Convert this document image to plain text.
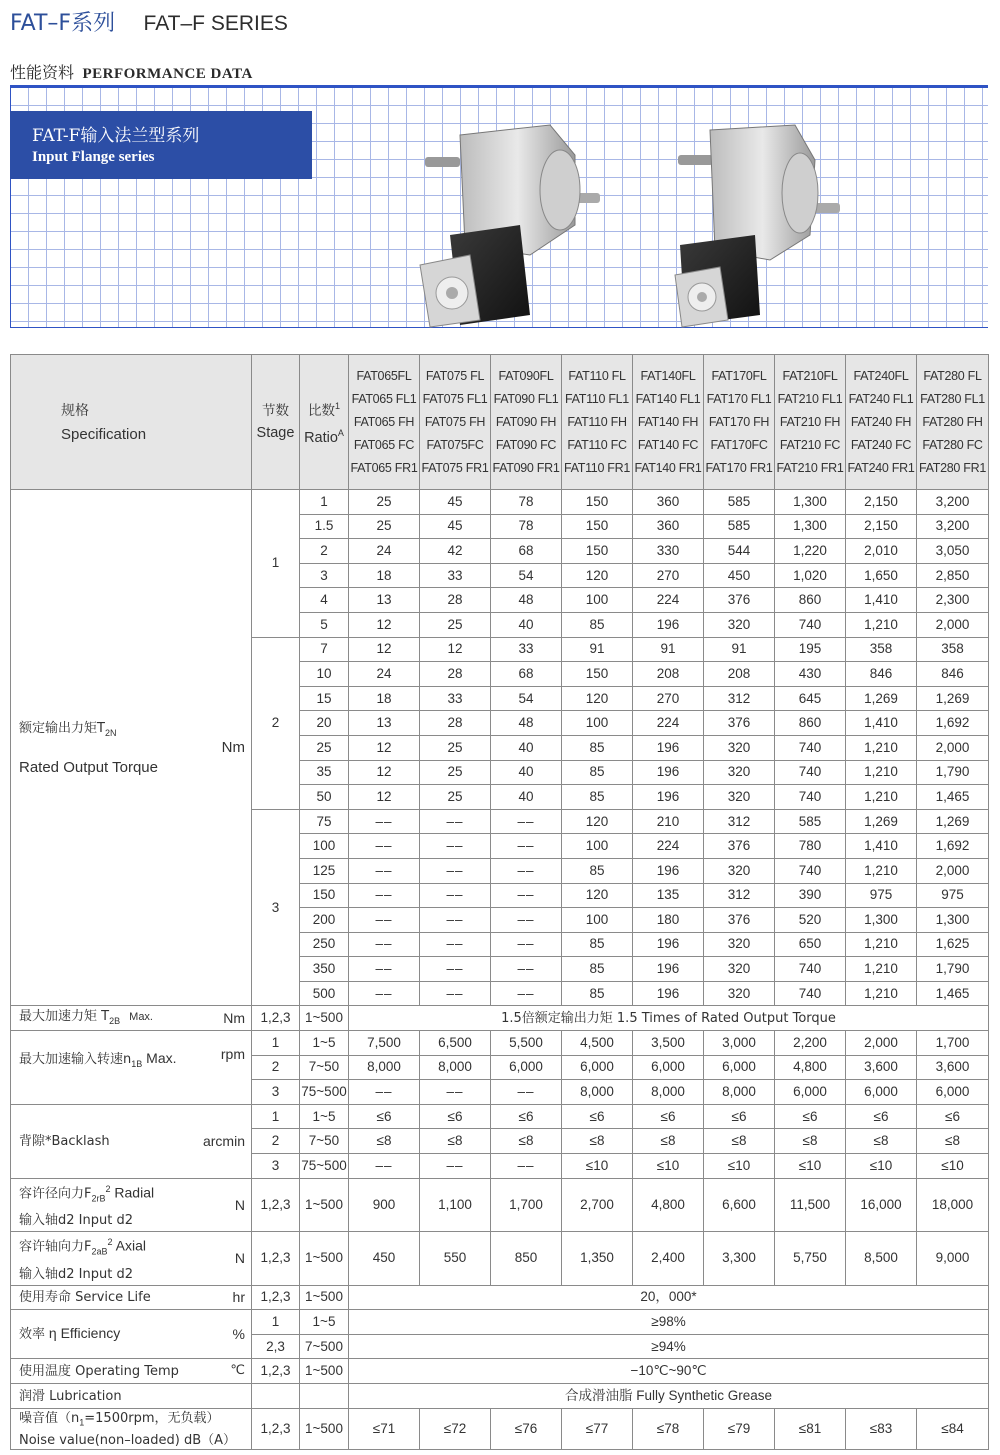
FAT–F系列 FAT–F SERIES
性能资料 PERFORMANCE DATA
FAT-F输入法兰型系列
Input Flange series
规格
Specification	节数
Stage	比数$^1$
Ratio$^A$	FAT065FL
FAT065 FL1
FAT065 FH
FAT065 FC
FAT065 FR1	FAT075 FL
FAT075 FL1
FAT075 FH
FAT075FC
FAT075 FR1	FAT090FL
FAT090 FL1
FAT090 FH
FAT090 FC
FAT090 FR1	FAT110 FL
FAT110 FL1
FAT110 FH
FAT110 FC
FAT110 FR1	FAT140FL
FAT140 FL1
FAT140 FH
FAT140 FC
FAT140 FR1	FAT170FL
FAT170 FL1
FAT170 FH
FAT170FC
FAT170 FR1	FAT210FL
FAT210 FL1
FAT210 FH
FAT210 FC
FAT210 FR1	FAT240FL
FAT240 FL1
FAT240 FH
FAT240 FC
FAT240 FR1	FAT280 FL
FAT280 FL1
FAT280 FH
FAT280 FC
FAT280 FR1

额定输出力矩$T_{2N}$
Rated Output Torque
Nm	1	1	25	45	78	150	360	585	1,300	2,150	3,200
		1.5	25	45	78	150	360	585	1,300	2,150	3,200
		2	24	42	68	150	330	544	1,220	2,010	3,050
		3	18	33	54	120	270	450	1,020	1,650	2,850
		4	13	28	48	100	224	376	860	1,410	2,300
		5	12	25	40	85	196	320	740	1,210	2,000
	2	7	12	12	33	91	91	91	195	358	358
		10	24	28	68	150	208	208	430	846	846
		15	18	33	54	120	270	312	645	1,269	1,269
		20	13	28	48	100	224	376	860	1,410	1,692
		25	12	25	40	85	196	320	740	1,210	2,000
		35	12	25	40	85	196	320	740	1,210	1,790
		50	12	25	40	85	196	320	740	1,210	1,465
	3	75	––	––	––	120	210	312	585	1,269	1,269
		100	––	––	––	100	224	376	780	1,410	1,692
		125	––	––	––	85	196	320	740	1,210	2,000
		150	––	––	––	120	135	312	390	975	975
		200	––	––	––	100	180	376	520	1,300	1,300
		250	––	––	––	85	196	320	650	1,210	1,625
		350	––	––	––	85	196	320	740	1,210	1,790
		500	––	––	––	85	196	320	740	1,210	1,465
最大加速力矩 $T_{2B}$ Max. Nm	1,2,3	1~500	1.5倍额定输出力矩 1.5 Times of Rated Output Torque								

最大加速输入转速$n_{1B}$ Max. rpm	1	1~5	7,500	6,500	5,500	4,500	3,500	3,000	2,200	2,000	1,700
	2	7~50	8,000	8,000	6,000	6,000	6,000	6,000	4,800	3,600	3,600
	3	75~500	––	––	––	8,000	8,000	8,000	6,000	6,000	6,000
背隙*Backlash arcmin	1	1~5	≤6	≤6	≤6	≤6	≤6	≤6	≤6	≤6	≤6
	2	7~50	≤8	≤8	≤8	≤8	≤8	≤8	≤8	≤8	≤8
	3	75~500	––	––	––	≤10	≤10	≤10	≤10	≤10	≤10

容许径向力$F_{2rB}^2$ Radial
输入轴d2 Input d2
N	1,2,3	1~500	900	1,100	1,700	2,700	4,800	6,600	11,500	16,000	18,000

容许轴向力$F_{2aB}^2$ Axial
输入轴d2 Input d2
N	1,2,3	1~500	450	550	850	1,350	2,400	3,300	5,750	8,500	9,000
使用寿命 Service Life hr	1,2,3	1~500	20，000*								
效率 η Efficiency %	1	1~5	≥98%								
	2,3	7~500	≥94%								
使用温度 Operating Temp ℃	1,2,3	1~500	−10℃~90℃								
润滑 Lubrication			合成滑油脂 Fully Synthetic Grease								

噪音值（$n_1=1500rpm$，无负载）
Noise value(non–loaded) dB（A）	1,2,3	1~500	≤71	≤72	≤76	≤77	≤78	≤79	≤81	≤83	≤84
